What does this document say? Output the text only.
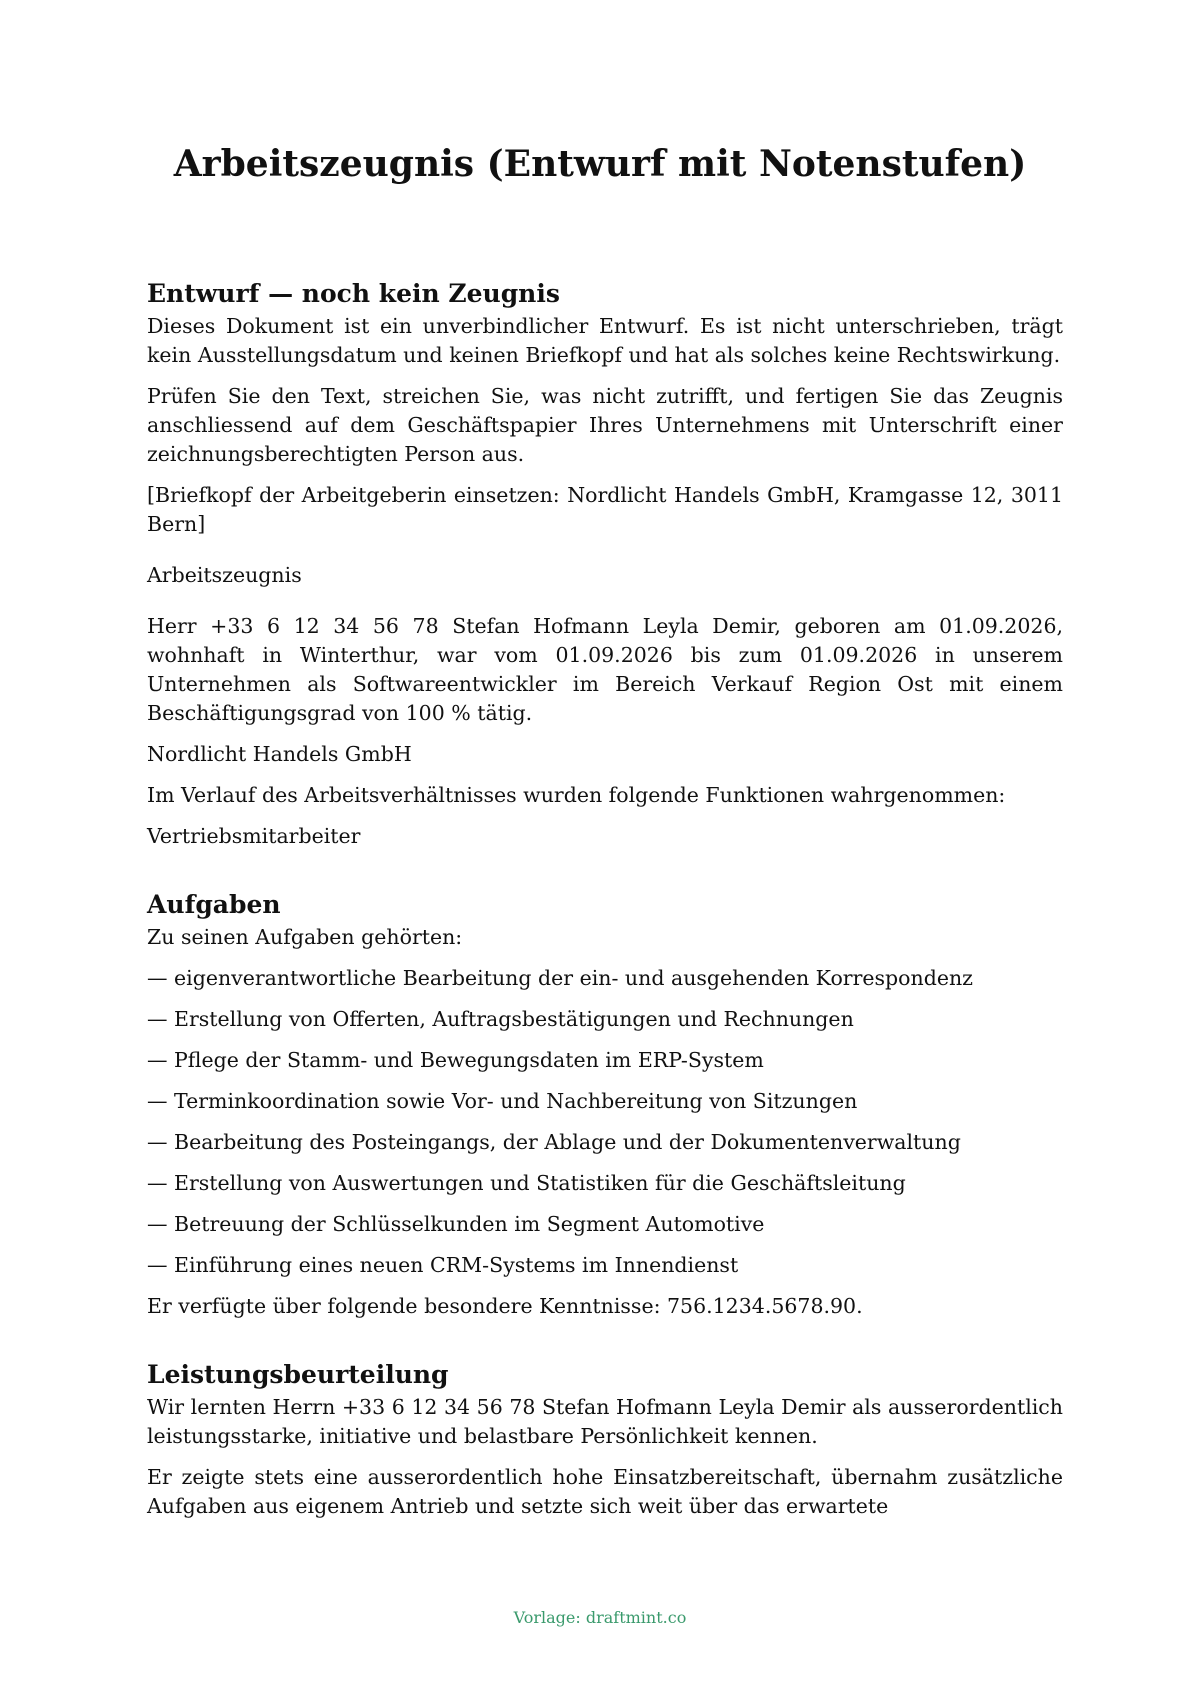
Arbeitszeugnis (Entwurf mit Notenstufen)
Entwurf — noch kein Zeugnis

Dieses Dokument ist ein unverbindlicher Entwurf. Es ist nicht unterschrieben, trägt kein Ausstellungsdatum und keinen Briefkopf und hat als solches keine Rechtswirkung.

Prüfen Sie den Text, streichen Sie, was nicht zutrifft, und fertigen Sie das Zeugnis anschliessend auf dem Geschäftspapier Ihres Unternehmens mit Unterschrift einer zeichnungsberechtigten Person aus.

[Briefkopf der Arbeitgeberin einsetzen: Nordlicht Handels GmbH, Kramgasse 12, 3011 Bern]

Arbeitszeugnis

Herr +33 6 12 34 56 78 Stefan Hofmann Leyla Demir, geboren am 01.09.2026, wohnhaft in Winterthur, war vom 01.09.2026 bis zum 01.09.2026 in unserem Unternehmen als Softwareentwickler im Bereich Verkauf Region Ost mit einem Beschäftigungsgrad von 100 % tätig.

Nordlicht Handels GmbH

Im Verlauf des Arbeitsverhältnisses wurden folgende Funktionen wahrgenommen:

Vertriebsmitarbeiter

Aufgaben

Zu seinen Aufgaben gehörten:

— eigenverantwortliche Bearbeitung der ein- und ausgehenden Korrespondenz

— Erstellung von Offerten, Auftragsbestätigungen und Rechnungen

— Pflege der Stamm- und Bewegungsdaten im ERP-System

— Terminkoordination sowie Vor- und Nachbereitung von Sitzungen

— Bearbeitung des Posteingangs, der Ablage und der Dokumentenverwaltung

— Erstellung von Auswertungen und Statistiken für die Geschäftsleitung

— Betreuung der Schlüsselkunden im Segment Automotive

— Einführung eines neuen CRM-Systems im Innendienst

Er verfügte über folgende besondere Kenntnisse: 756.1234.5678.90.

Leistungsbeurteilung

Wir lernten Herrn +33 6 12 34 56 78 Stefan Hofmann Leyla Demir als ausserordentlich leistungsstarke, initiative und belastbare Persönlichkeit kennen.

Er zeigte stets eine ausserordentlich hohe Einsatzbereitschaft, übernahm zusätzliche Aufgaben aus eigenem Antrieb und setzte sich weit über das erwartete

Vorlage: draftmint.co
